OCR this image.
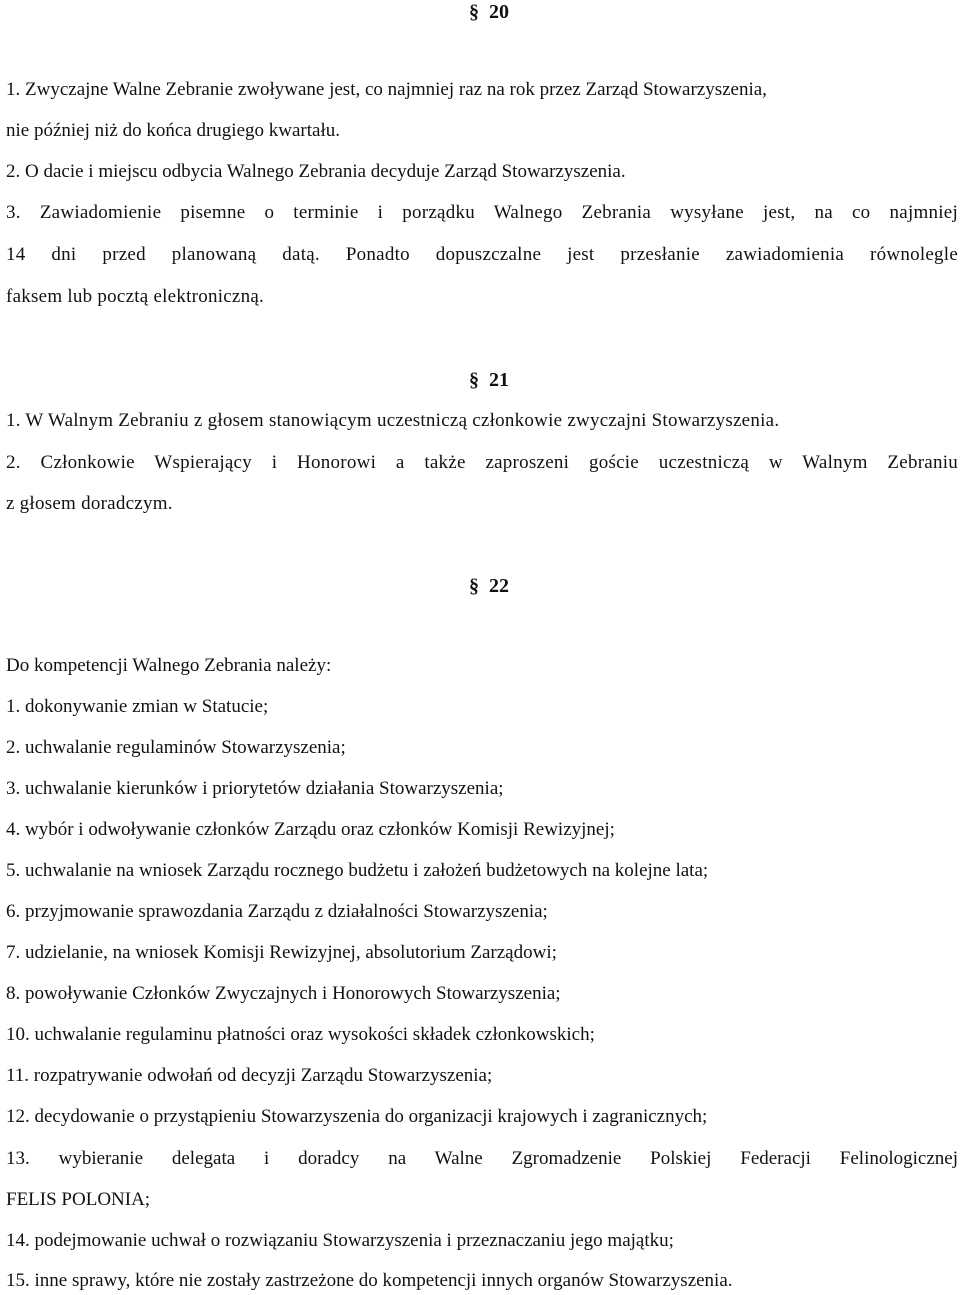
§ 20
1. Zwyczajne Walne Zebranie zwoływane jest, co najmniej raz na rok przez Zarząd Stowarzyszenia,
nie później niż do końca drugiego kwartału.
2. O dacie i miejscu odbycia Walnego Zebrania decyduje Zarząd Stowarzyszenia.
3. Zawiadomienie pisemne o terminie i porządku Walnego Zebrania wysyłane jest, na co najmniej
14 dni przed planowaną datą. Ponadto dopuszczalne jest przesłanie zawiadomienia równolegle
faksem lub pocztą elektroniczną.
§ 21
1. W Walnym Zebraniu z głosem stanowiącym uczestniczą członkowie zwyczajni Stowarzyszenia.
2. Członkowie Wspierający i Honorowi a także zaproszeni goście uczestniczą w Walnym Zebraniu
z głosem doradczym.
§ 22
Do kompetencji Walnego Zebrania należy:
1. dokonywanie zmian w Statucie;
2. uchwalanie regulaminów Stowarzyszenia;
3. uchwalanie kierunków i priorytetów działania Stowarzyszenia;
4. wybór i odwoływanie członków Zarządu oraz członków Komisji Rewizyjnej;
5. uchwalanie na wniosek Zarządu rocznego budżetu i założeń budżetowych na kolejne lata;
6. przyjmowanie sprawozdania Zarządu z działalności Stowarzyszenia;
7. udzielanie, na wniosek Komisji Rewizyjnej, absolutorium Zarządowi;
8. powoływanie Członków Zwyczajnych i Honorowych Stowarzyszenia;
10. uchwalanie regulaminu płatności oraz wysokości składek członkowskich;
11. rozpatrywanie odwołań od decyzji Zarządu Stowarzyszenia;
12. decydowanie o przystąpieniu Stowarzyszenia do organizacji krajowych i zagranicznych;
13. wybieranie delegata i doradcy na Walne Zgromadzenie Polskiej Federacji Felinologicznej
FELIS POLONIA;
14. podejmowanie uchwał o rozwiązaniu Stowarzyszenia i przeznaczaniu jego majątku;
15. inne sprawy, które nie zostały zastrzeżone do kompetencji innych organów Stowarzyszenia.
